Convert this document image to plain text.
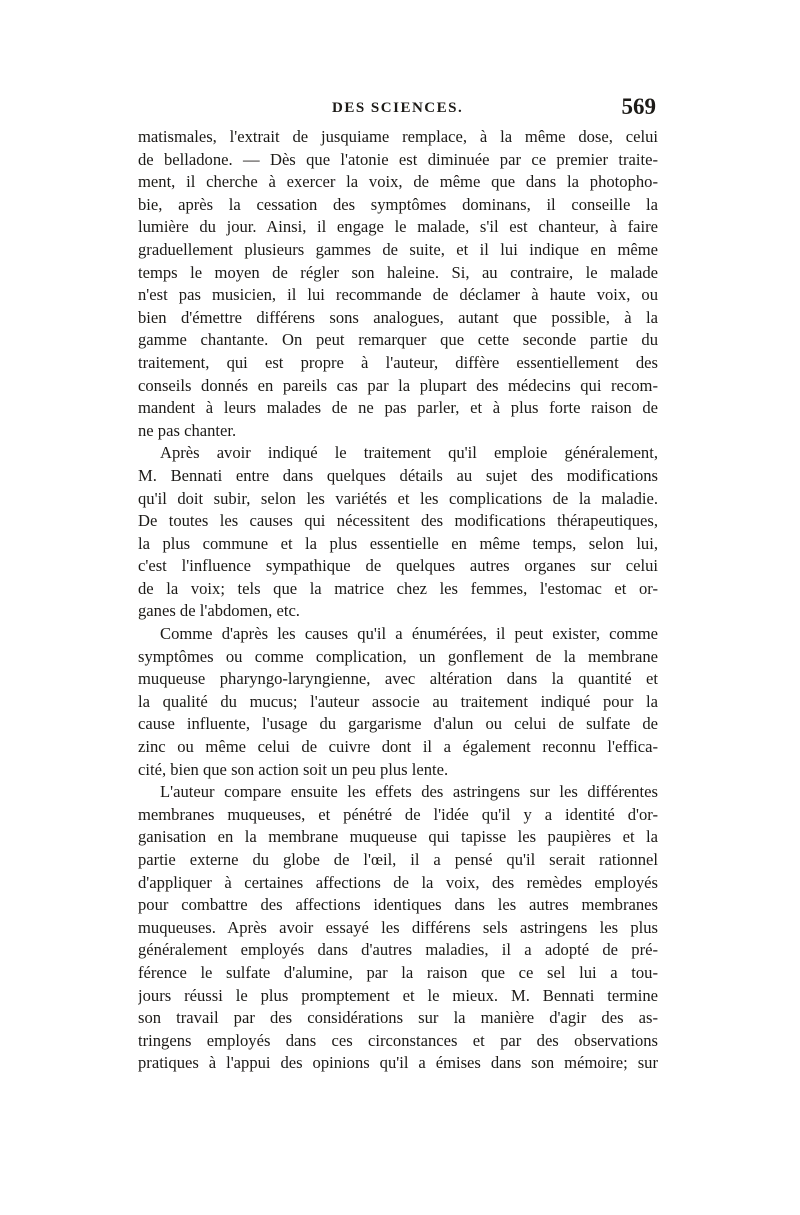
DES SCIENCES.	569
matismales, l'extrait de jusquiame remplace, à la même dose, celui
de belladone. — Dès que l'atonie est diminuée par ce premier traite-
ment, il cherche à exercer la voix, de même que dans la photopho-
bie, après la cessation des symptômes dominans, il conseille la
lumière du jour. Ainsi, il engage le malade, s'il est chanteur, à faire
graduellement plusieurs gammes de suite, et il lui indique en même
temps le moyen de régler son haleine. Si, au contraire, le malade
n'est pas musicien, il lui recommande de déclamer à haute voix, ou
bien d'émettre différens sons analogues, autant que possible, à la
gamme chantante. On peut remarquer que cette seconde partie du
traitement, qui est propre à l'auteur, diffère essentiellement des
conseils donnés en pareils cas par la plupart des médecins qui recom-
mandent à leurs malades de ne pas parler, et à plus forte raison de
ne pas chanter.
Après avoir indiqué le traitement qu'il emploie généralement,
M. Bennati entre dans quelques détails au sujet des modifications
qu'il doit subir, selon les variétés et les complications de la maladie.
De toutes les causes qui nécessitent des modifications thérapeutiques,
la plus commune et la plus essentielle en même temps, selon lui,
c'est l'influence sympathique de quelques autres organes sur celui
de la voix; tels que la matrice chez les femmes, l'estomac et or-
ganes de l'abdomen, etc.
Comme d'après les causes qu'il a énumérées, il peut exister, comme
symptômes ou comme complication, un gonflement de la membrane
muqueuse pharyngo-laryngienne, avec altération dans la quantité et
la qualité du mucus; l'auteur associe au traitement indiqué pour la
cause influente, l'usage du gargarisme d'alun ou celui de sulfate de
zinc ou même celui de cuivre dont il a également reconnu l'effica-
cité, bien que son action soit un peu plus lente.
L'auteur compare ensuite les effets des astringens sur les différentes
membranes muqueuses, et pénétré de l'idée qu'il y a identité d'or-
ganisation en la membrane muqueuse qui tapisse les paupières et la
partie externe du globe de l'œil, il a pensé qu'il serait rationnel
d'appliquer à certaines affections de la voix, des remèdes employés
pour combattre des affections identiques dans les autres membranes
muqueuses. Après avoir essayé les différens sels astringens les plus
généralement employés dans d'autres maladies, il a adopté de pré-
férence le sulfate d'alumine, par la raison que ce sel lui a tou-
jours réussi le plus promptement et le mieux. M. Bennati termine
son travail par des considérations sur la manière d'agir des as-
tringens employés dans ces circonstances et par des observations
pratiques à l'appui des opinions qu'il a émises dans son mémoire; sur
